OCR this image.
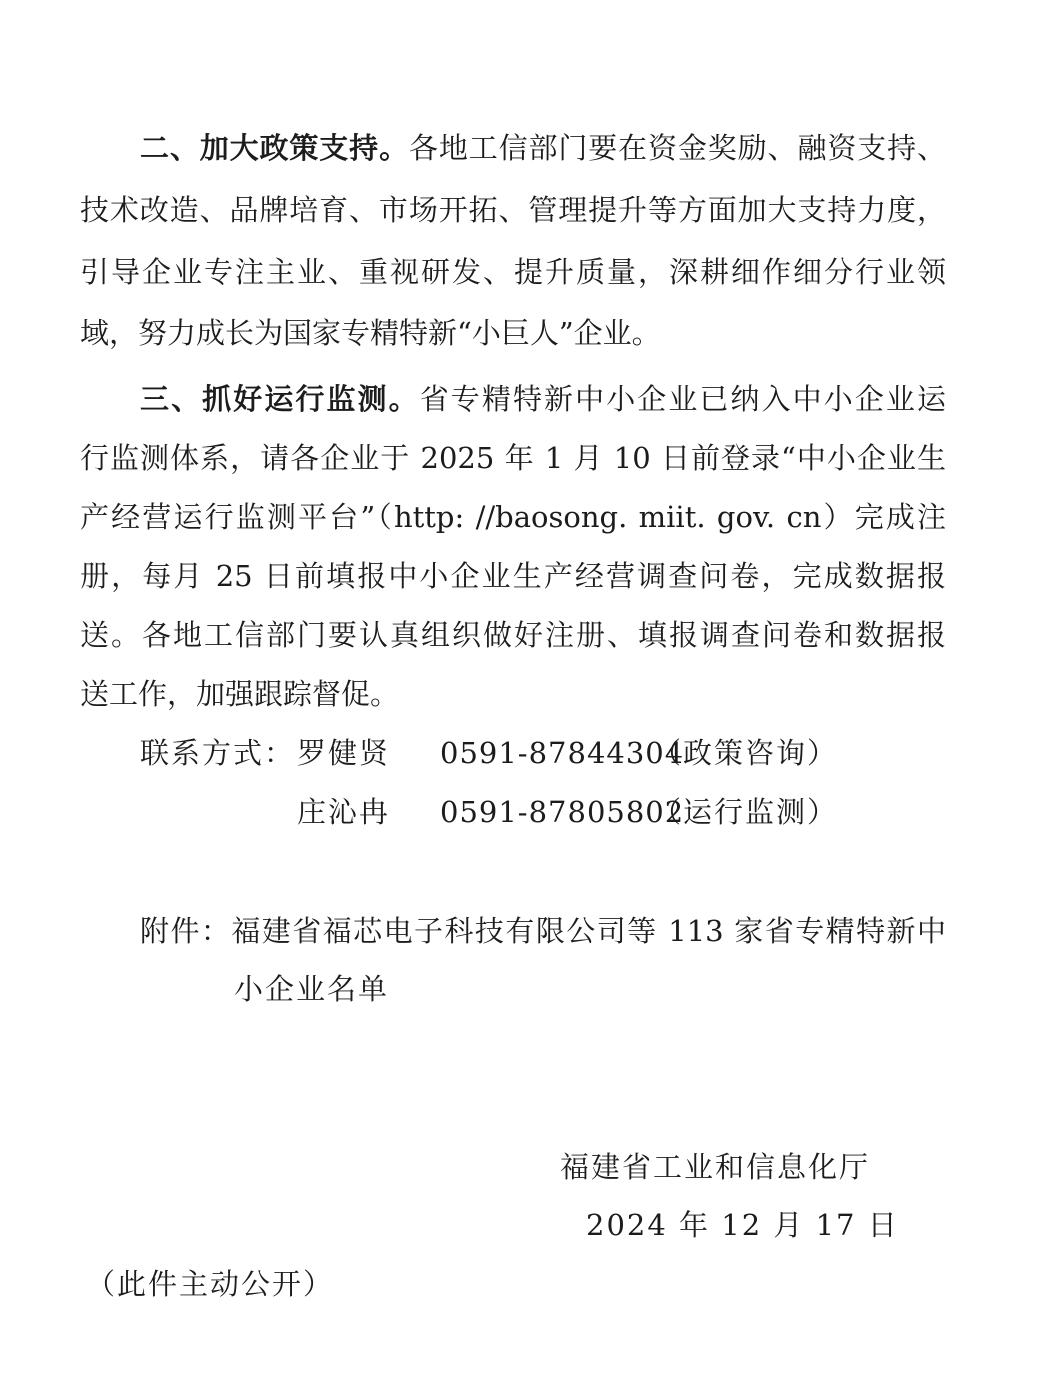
二、加大政策支持。各地工信部门要在资金奖励、融资支持、
技术改造、品牌培育、市场开拓、管理提升等方面加大支持力度，
引导企业专注主业、重视研发、提升质量，深耕细作细分行业领
域，努力成长为国家专精特新“小巨人”企业。
三、抓好运行监测。省专精特新中小企业已纳入中小企业运
行监测体系，请各企业于 2025 年 1 月 10 日前登录“中小企业生
产经营运行监测平台”（http: //baosong. miit. gov. cn）完成注
册，每月 25 日前填报中小企业生产经营调查问卷，完成数据报
送。各地工信部门要认真组织做好注册、填报调查问卷和数据报
送工作，加强跟踪督促。
联系方式： 罗健贤 0591-87844304
（政策咨询）
庄沁冉 0591-87805802
（运行监测）
附件：福建省福芯电子科技有限公司等 113 家省专精特新中
小企业名单
福建省工业和信息化厅
2024 年 12 月 17 日
（此件主动公开）
